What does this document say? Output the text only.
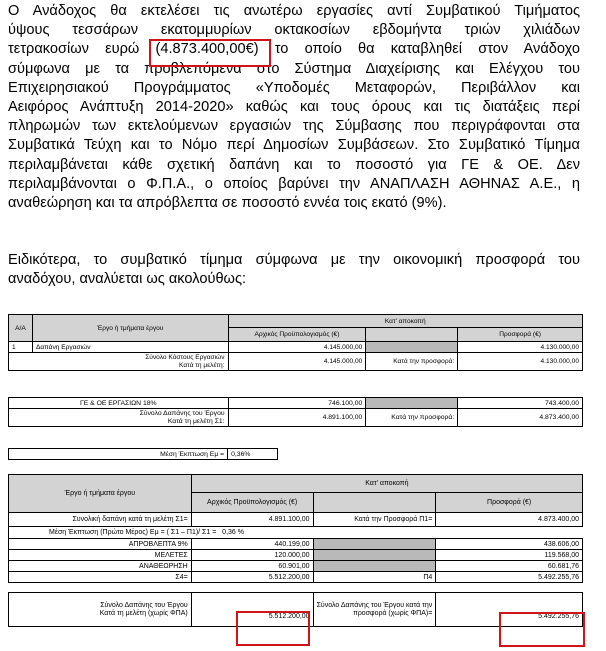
Ο Ανάδοχος θα εκτελέσει τις ανωτέρω εργασίες αντί Συμβατικού Τιμήματος
ύψους τεσσάρων εκατομμυρίων οκτακοσίων εβδομήντα τριών χιλιάδων
τετρακοσίων ευρώ (4.873.400,00€) το οποίο θα καταβληθεί στον Ανάδοχο
σύμφωνα με τα προβλεπόμενα στο Σύστημα Διαχείρισης και Ελέγχου του
Επιχειρησιακού Προγράμματος «Υποδομές Μεταφορών, Περιβάλλον και
Αειφόρος Ανάπτυξη 2014-2020» καθώς και τους όρους και τις διατάξεις περί
πληρωμών των εκτελούμενων εργασιών της Σύμβασης που περιγράφονται στα
Συμβατικά Τεύχη και το Νόμο περί Δημοσίων Συμβάσεων. Στο Συμβατικό Τίμημα
περιλαμβάνεται κάθε σχετική δαπάνη και το ποσοστό για ΓΕ & ΟΕ. Δεν
περιλαμβάνονται ο Φ.Π.Α., ο οποίος βαρύνει την ΑΝΑΠΛΑΣΗ ΑΘΗΝΑΣ Α.Ε., η
αναθεώρηση και τα απρόβλεπτα σε ποσοστό εννέα τοις εκατό (9%).
Ειδικότερα, το συμβατικό τίμημα σύμφωνα με την οικονομική προσφορά του
αναδόχου, αναλύεται ως ακολούθως:
Α/Α	Έργο ή τμήματα έργου	Κατ' αποκοπή		
		Αρχικός Προϋπολογισμός (€)		Προσφορά (€)
1	Δαπάνη Εργασιών	4.145.000,00		4.130.000,00
Σύνολο Κόστους Εργασιών
Κατά τη μελέτη:		4.145.000,00	Κατά την προσφορά:	4.130.000,00
ΓΕ & ΟΕ ΕΡΓΑΣΙΩΝ 18%	746.100,00		743.400,00
Σύνολο Δαπάνης του Έργου
Κατά τη μελέτη Σ1:	4.891.100,00	Κατά την προσφορά:	4.873.400,00
Μέση Έκπτωση Εμ =	0,36%
Έργο ή τμήματα έργου	Κατ' αποκοπή		
	Αρχικός Προϋπολογισμός (€)		Προσφορά (€)
Συνολική δαπάνη κατά τη μελέτη Σ1=	4.891.100,00	Κατά την Προσφορά Π1=	4.873.400,00
Μέση Έκπτωση (Πρώτο Μέρος) Εμ = ( Σ1 – Π1)/ Σ1 = 0,36 %			
ΑΠΡΟΒΛΕΠΤΑ 9%	440.199,00		438.606,00
ΜΕΛΕΤΕΣ	120.000,00		119.568,00
ΑΝΑΘΕΩΡΗΣΗ	60.901,00		60.681,76
Σ4=	5.512.200,00	Π4	5.492.255,76

Σύνολο Δαπάνης του Έργου
Κατά τη μελέτη (χωρίς ΦΠΑ)	5.512.200,00	Σύνολο Δαπάνης του Έργου κατά την
προσφορά (χωρίς ΦΠΑ)=	5.492.255,76
